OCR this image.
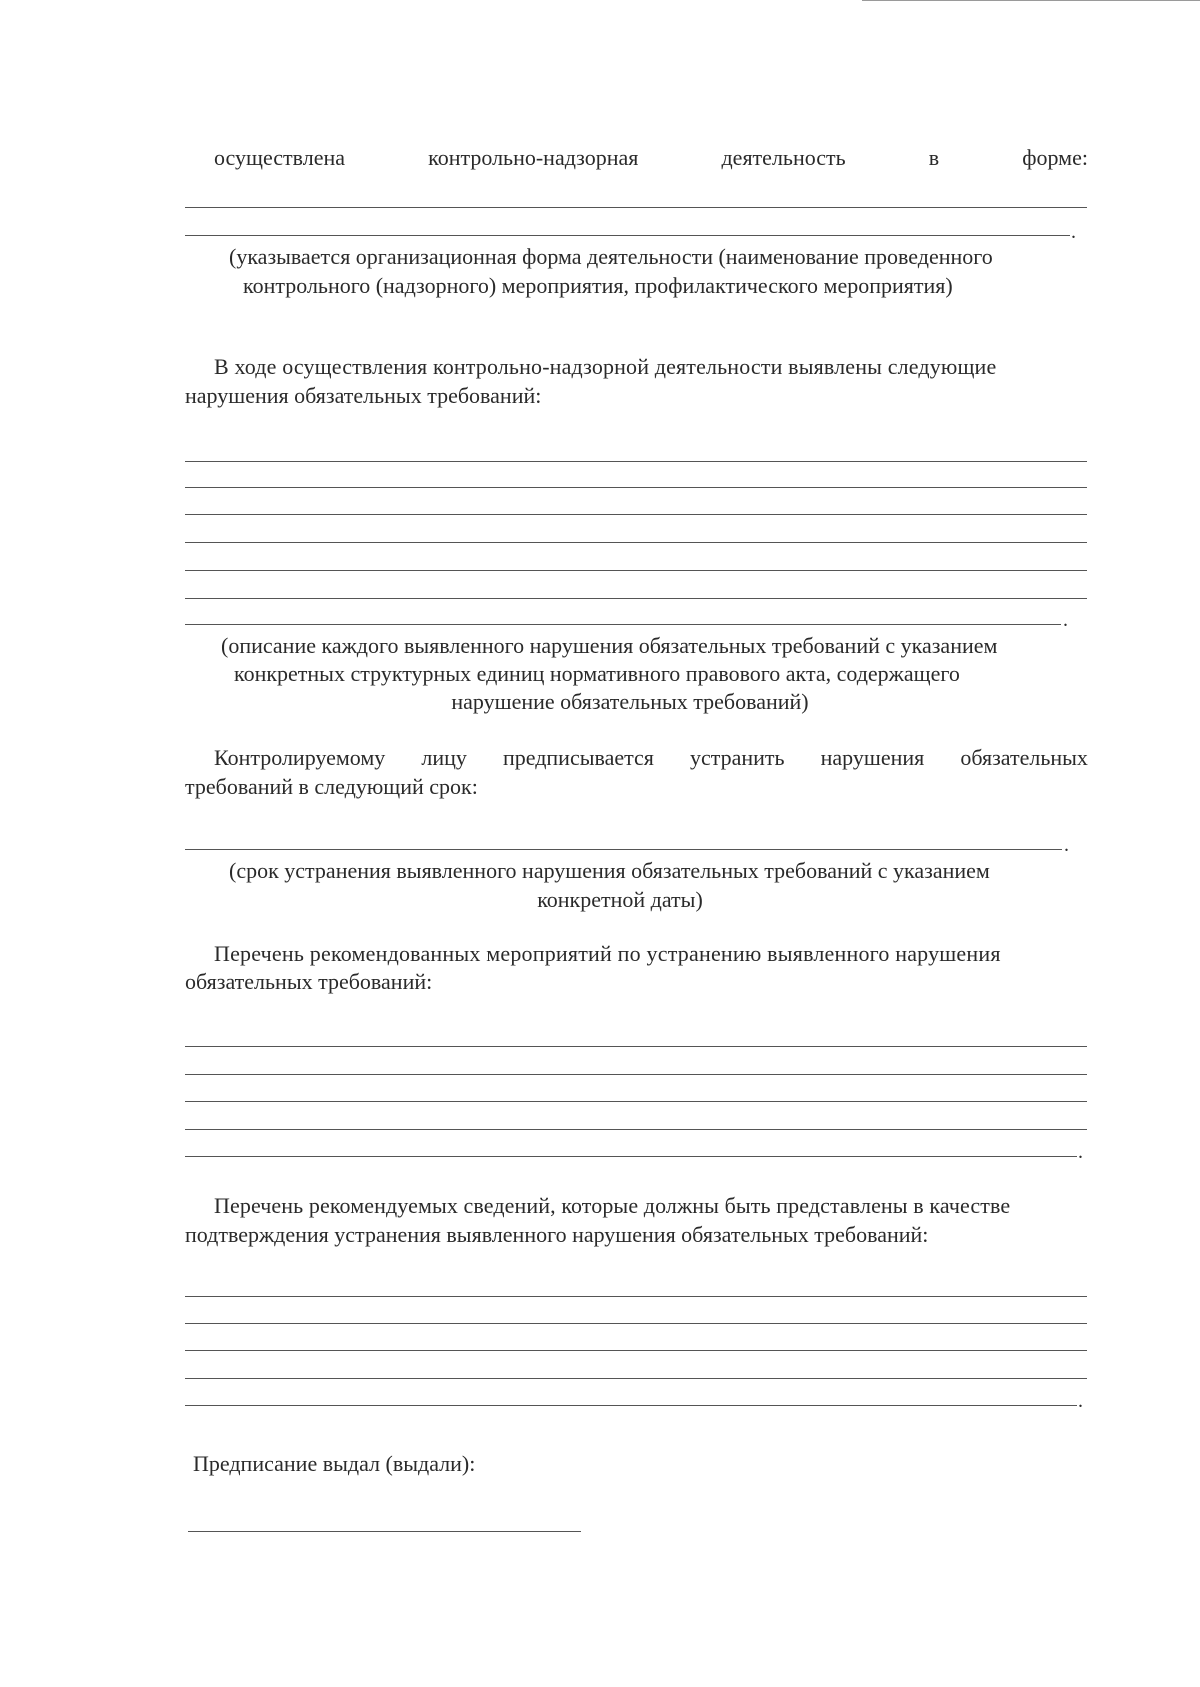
осуществлена	контрольно-надзорная	деятельность	в	форме:
.
(указывается организационная форма деятельности (наименование проведенного
контрольного (надзорного) мероприятия, профилактического мероприятия)
В ходе осуществления контрольно-надзорной деятельности выявлены следующие
нарушения обязательных требований:
.
(описание каждого выявленного нарушения обязательных требований с указанием
конкретных структурных единиц нормативного правового акта, содержащего
нарушение обязательных требований)
Контролируемому лицу предписывается устранить нарушения обязательных
требований в следующий срок:
.
(срок устранения выявленного нарушения обязательных требований с указанием
конкретной даты)
Перечень рекомендованных мероприятий по устранению выявленного нарушения
обязательных требований:
.
Перечень рекомендуемых сведений, которые должны быть представлены в качестве
подтверждения устранения выявленного нарушения обязательных требований:
.
Предписание выдал (выдали):
